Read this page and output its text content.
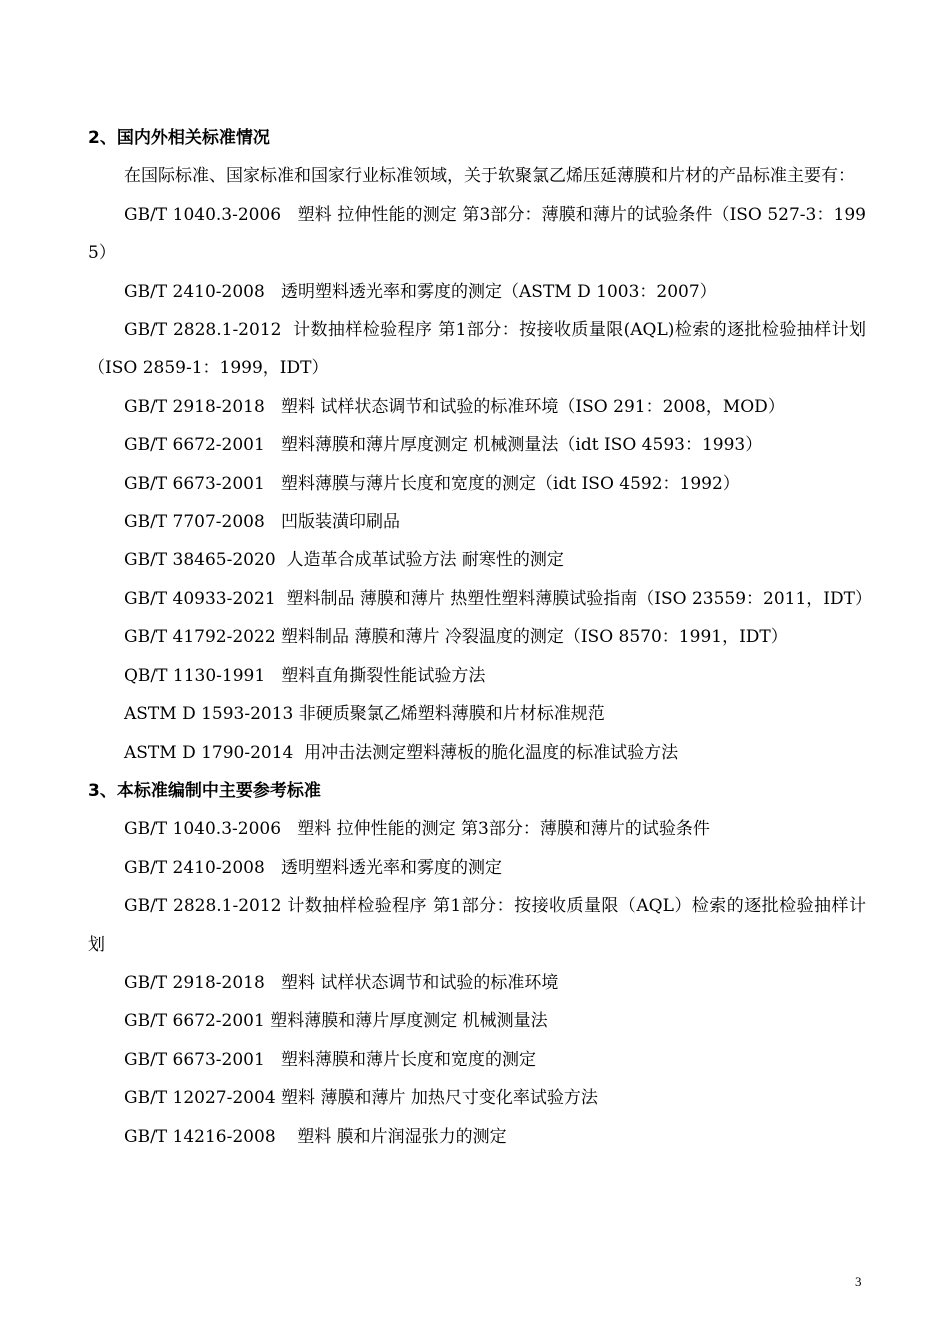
2、国内外相关标准情况
在国际标准、国家标准和国家行业标准领域，关于软聚氯乙烯压延薄膜和片材的产品标准主要有：
GB/T 1040.3-2006   塑料 拉伸性能的测定 第3部分：薄膜和薄片的试验条件（ISO 527-3：1995）
GB/T 2410-2008   透明塑料透光率和雾度的测定（ASTM D 1003：2007）
GB/T 2828.1-2012  计数抽样检验程序 第1部分：按接收质量限(AQL)检索的逐批检验抽样计划（ISO 2859-1：1999，IDT）
GB/T 2918-2018   塑料 试样状态调节和试验的标准环境（ISO 291：2008，MOD）
GB/T 6672-2001   塑料薄膜和薄片厚度测定 机械测量法（idt ISO 4593：1993）
GB/T 6673-2001   塑料薄膜与薄片长度和宽度的测定（idt ISO 4592：1992）
GB/T 7707-2008   凹版装潢印刷品
GB/T 38465-2020  人造革合成革试验方法 耐寒性的测定
GB/T 40933-2021  塑料制品 薄膜和薄片 热塑性塑料薄膜试验指南（ISO 23559：2011，IDT）
GB/T 41792-2022 塑料制品 薄膜和薄片 冷裂温度的测定（ISO 8570：1991，IDT）
QB/T 1130-1991   塑料直角撕裂性能试验方法
ASTM D 1593-2013 非硬质聚氯乙烯塑料薄膜和片材标准规范
ASTM D 1790-2014  用冲击法测定塑料薄板的脆化温度的标准试验方法
3、本标准编制中主要参考标准
GB/T 1040.3-2006   塑料 拉伸性能的测定 第3部分：薄膜和薄片的试验条件
GB/T 2410-2008   透明塑料透光率和雾度的测定
GB/T 2828.1-2012 计数抽样检验程序 第1部分：按接收质量限（AQL）检索的逐批检验抽样计划
GB/T 2918-2018   塑料 试样状态调节和试验的标准环境
GB/T 6672-2001 塑料薄膜和薄片厚度测定 机械测量法
GB/T 6673-2001   塑料薄膜和薄片长度和宽度的测定
GB/T 12027-2004 塑料 薄膜和薄片 加热尺寸变化率试验方法
GB/T 14216-2008    塑料 膜和片润湿张力的测定
3
